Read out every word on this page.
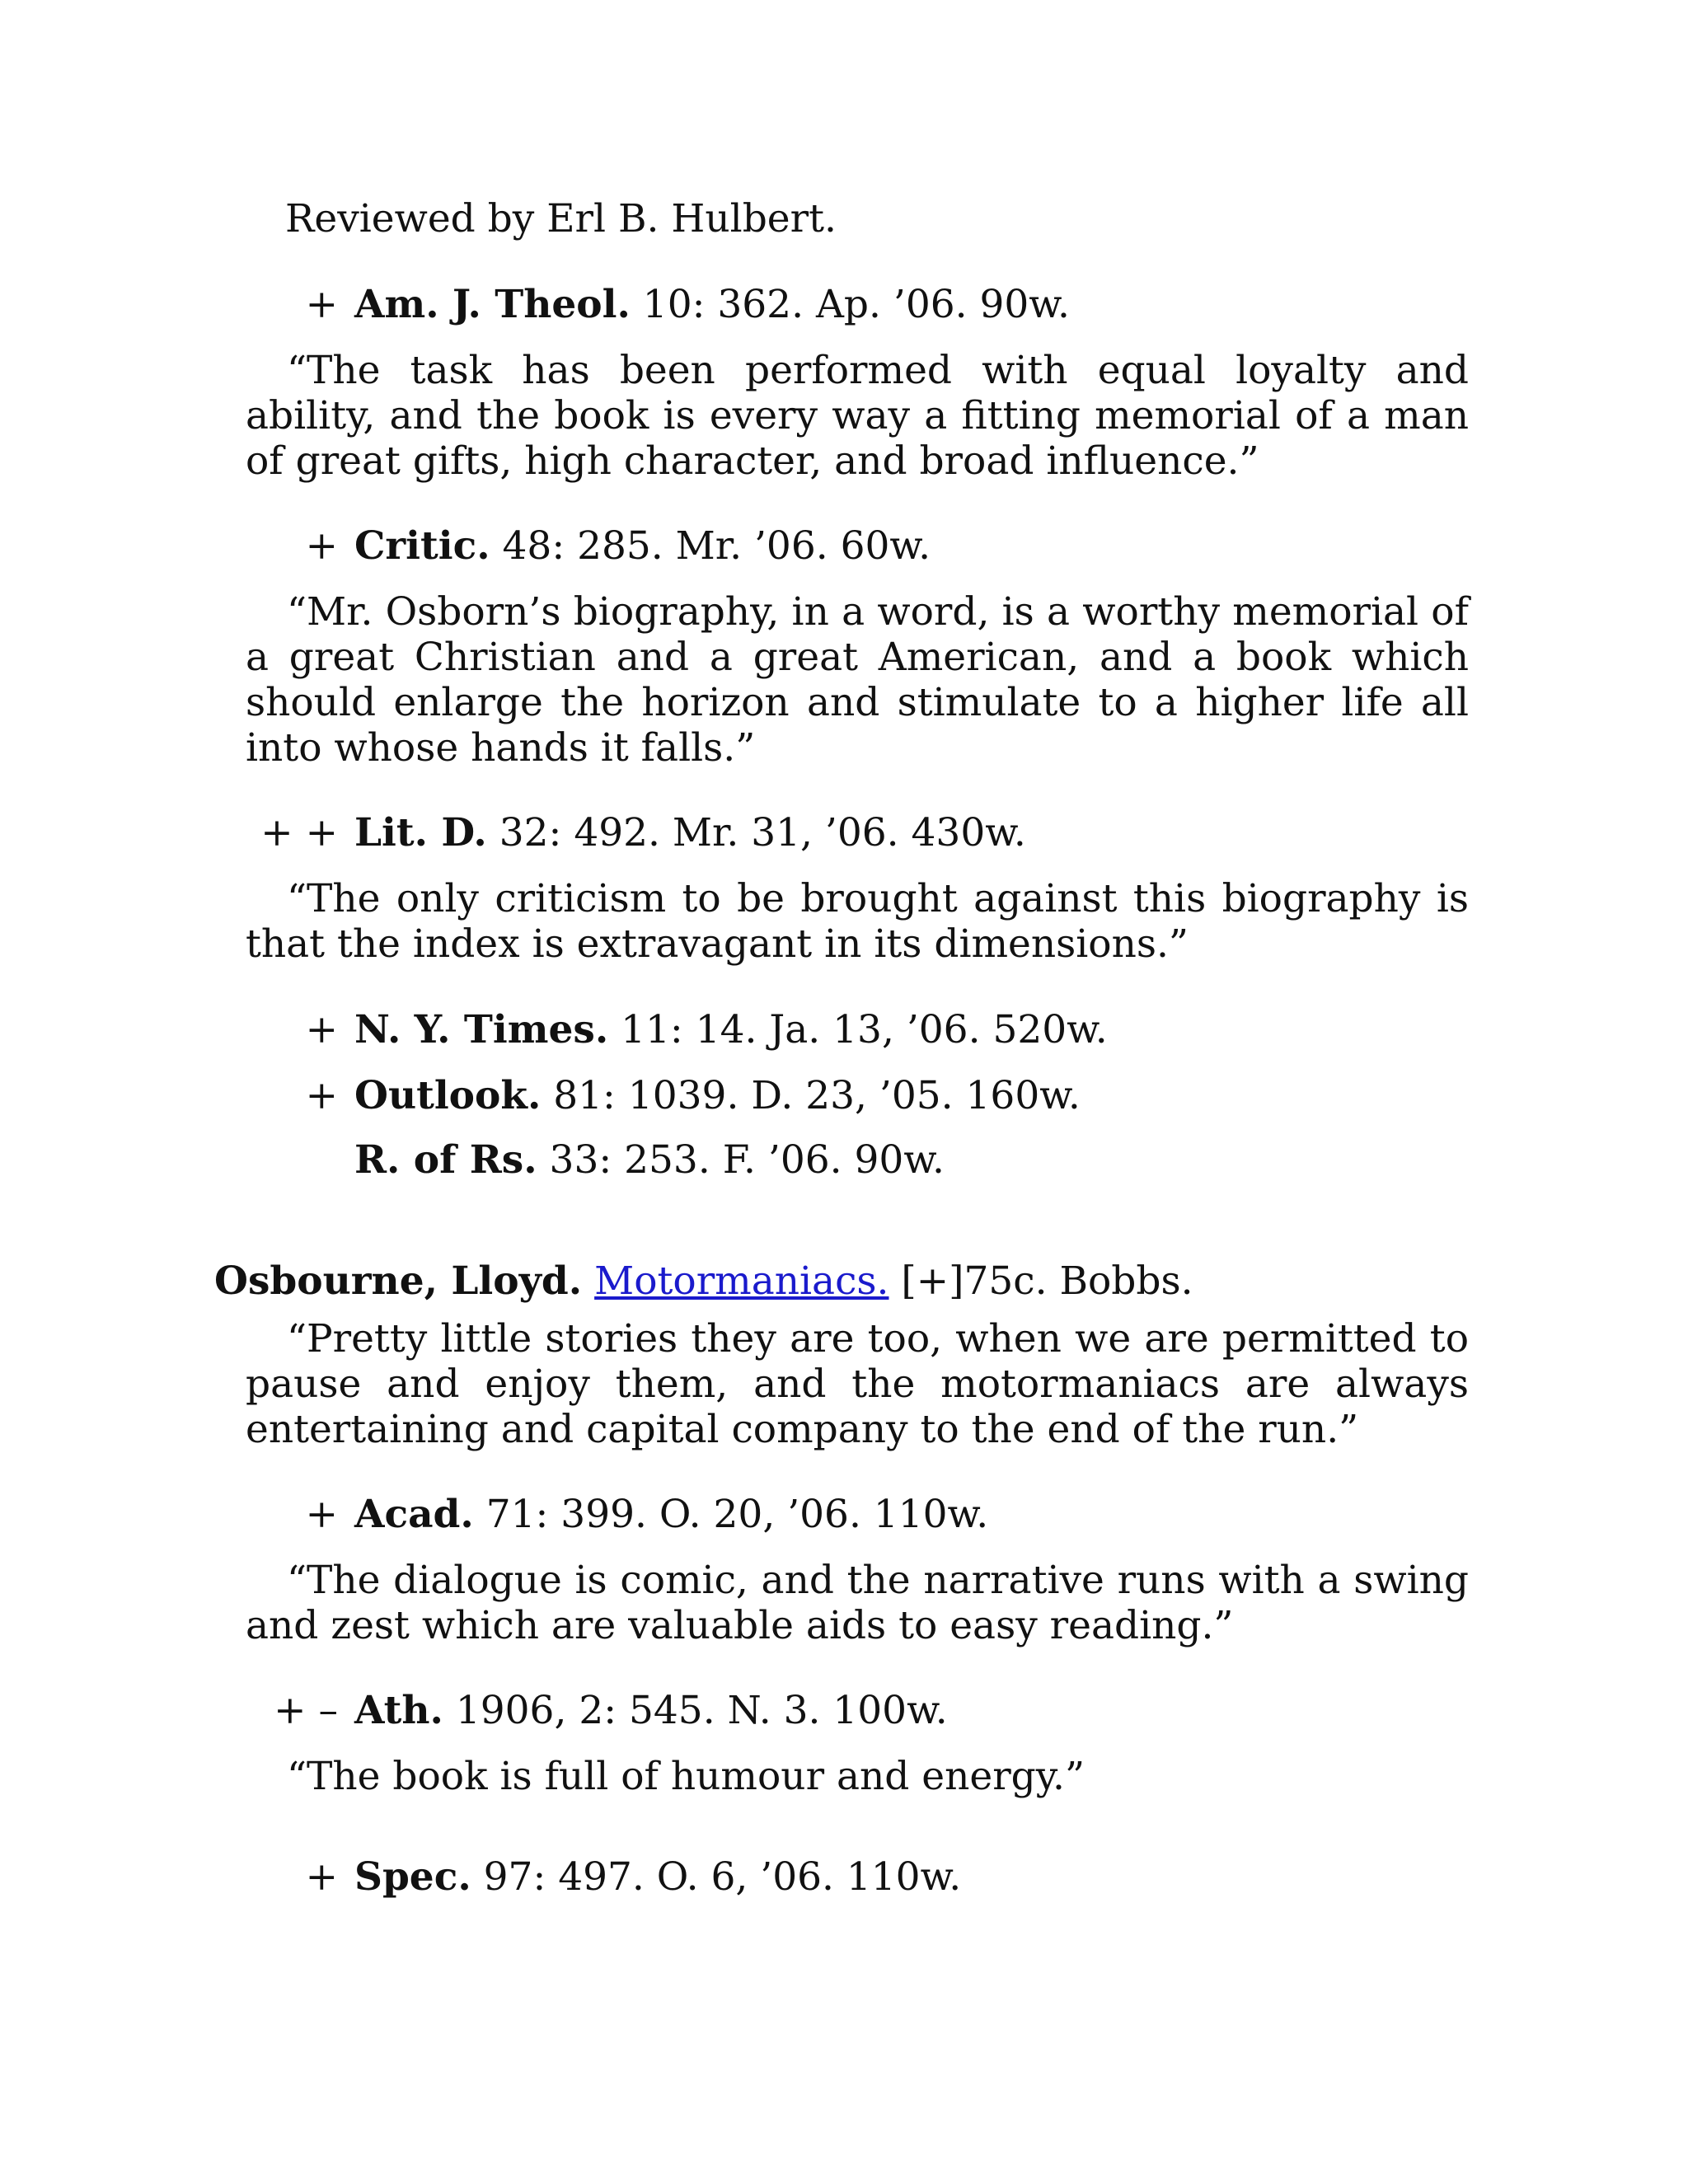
Reviewed by Erl B. Hulbert.
+ Am. J. Theol. 10: 362. Ap. ’06. 90w.
“The task has been performed with equal loyalty and ability, and the book is every way a fitting memorial of a man of great gifts, high character, and broad influence.”
+ Critic. 48: 285. Mr. ’06. 60w.
“Mr. Osborn’s biography, in a word, is a worthy memorial of a great Christian and a great American, and a book which should enlarge the horizon and stimulate to a higher life all into whose hands it falls.”
+ + Lit. D. 32: 492. Mr. 31, ’06. 430w.
“The only criticism to be brought against this biography is that the index is extravagant in its dimensions.”
+ N. Y. Times. 11: 14. Ja. 13, ’06. 520w.
+ Outlook. 81: 1039. D. 23, ’05. 160w.
R. of Rs. 33: 253. F. ’06. 90w.
Osbourne, Lloyd. Motormaniacs. [+]75c. Bobbs.
“Pretty little stories they are too, when we are permitted to pause and enjoy them, and the motormaniacs are always entertaining and capital company to the end of the run.”
+ Acad. 71: 399. O. 20, ’06. 110w.
“The dialogue is comic, and the narrative runs with a swing and zest which are valuable aids to easy reading.”
+ – Ath. 1906, 2: 545. N. 3. 100w.
“The book is full of humour and energy.”
+ Spec. 97: 497. O. 6, ’06. 110w.
